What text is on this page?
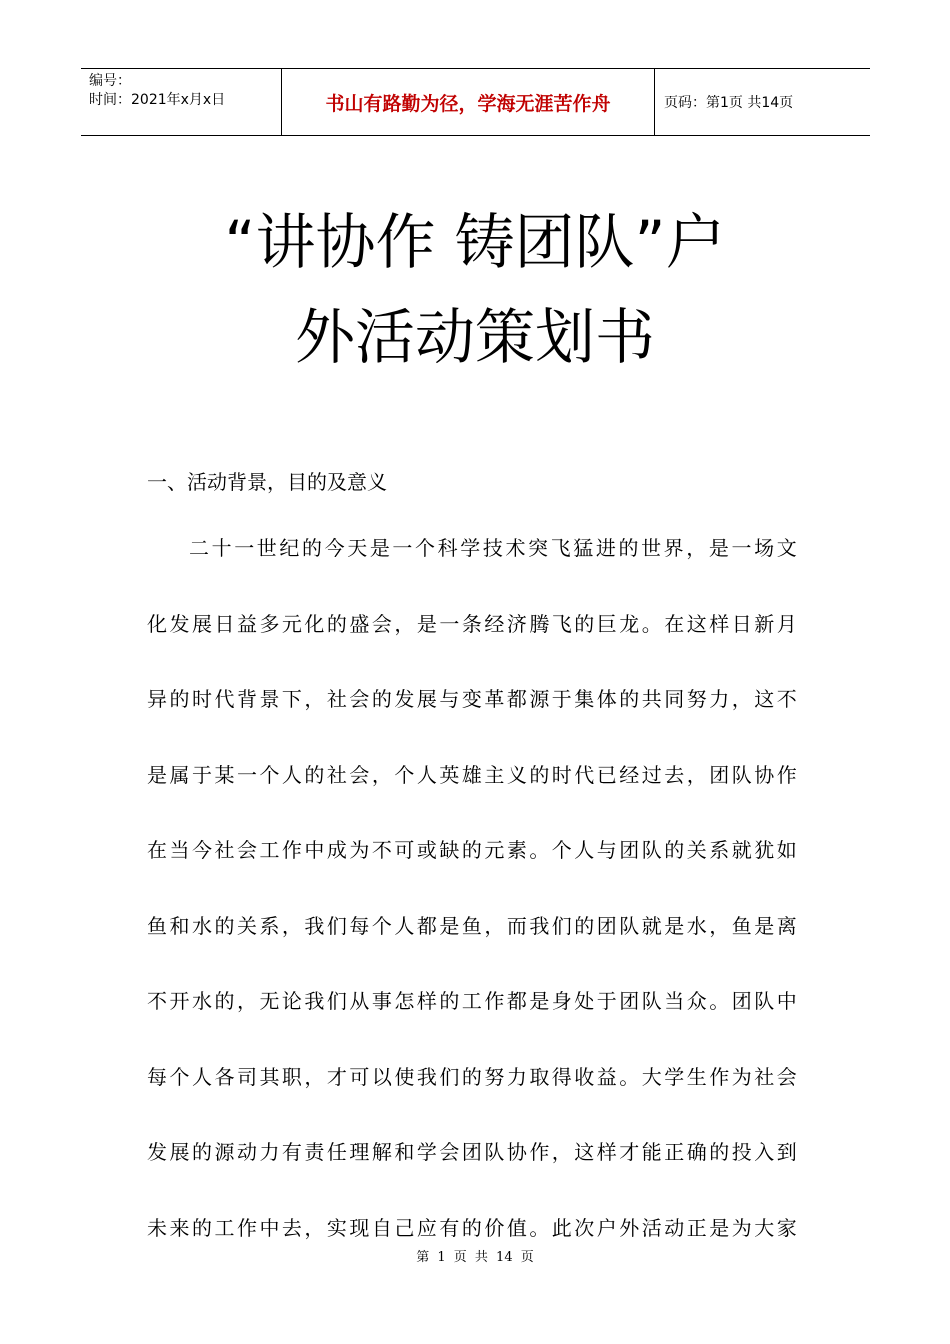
编号：
时间：2021年x月x日	书山有路勤为径，学海无涯苦作舟	页码：第1页 共14页
“讲协作 铸团队”户
外活动策划书
一、活动背景，目的及意义
二十一世纪的今天是一个科学技术突飞猛进的世界，是一场文
化发展日益多元化的盛会，是一条经济腾飞的巨龙。在这样日新月
异的时代背景下，社会的发展与变革都源于集体的共同努力，这不
是属于某一个人的社会，个人英雄主义的时代已经过去，团队协作
在当今社会工作中成为不可或缺的元素。个人与团队的关系就犹如
鱼和水的关系，我们每个人都是鱼，而我们的团队就是水，鱼是离
不开水的，无论我们从事怎样的工作都是身处于团队当众。团队中
每个人各司其职，才可以使我们的努力取得收益。大学生作为社会
发展的源动力有责任理解和学会团队协作，这样才能正确的投入到
未来的工作中去，实现自己应有的价值。此次户外活动正是为大家
第 1 页 共 14 页
